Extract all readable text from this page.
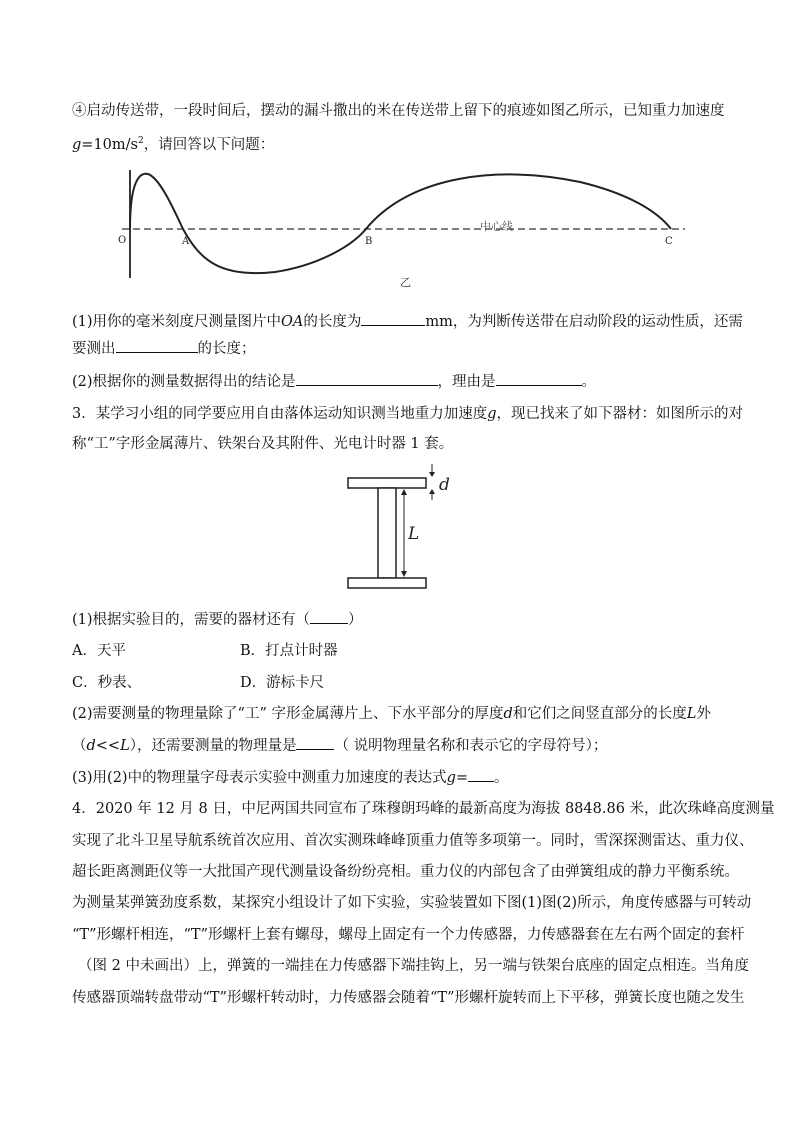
④启动传送带，一段时间后，摆动的漏斗撒出的米在传送带上留下的痕迹如图乙所示，已知重力加速度
$g=10m/s^2$，请回答以下问题：
O	A	B	C
中心线
乙
(1)用你的毫米刻度尺测量图片中OA的长度为	mm，为判断传送带在启动阶段的运动性质，还需
要测出	的长度；
(2)根据你的测量数据得出的结论是	，理由是	。
3．某学习小组的同学要应用自由落体运动知识测当地重力加速度g，现已找来了如下器材：如图所示的对
称“工”字形金属薄片、铁架台及其附件、光电计时器 1 套。
d
L
(1)根据实验目的，需要的器材还有（	）
A．天平	B．打点计时器
C．秒表、	D．游标卡尺
(2)需要测量的物理量除了“工” 字形金属薄片上、下水平部分的厚度d和它们之间竖直部分的长度L外
（d<<L），还需要测量的物理量是	（ 说明物理量名称和表示它的字母符号）；
(3)用(2)中的物理量字母表示实验中测重力加速度的表达式g= 。
4．2020 年 12 月 8 日，中尼两国共同宣布了珠穆朗玛峰的最新高度为海拔 8848.86 米，此次珠峰高度测量
实现了北斗卫星导航系统首次应用、首次实测珠峰峰顶重力值等多项第一。同时，雪深探测雷达、重力仪、
超长距离测距仪等一大批国产现代测量设备纷纷亮相。重力仪的内部包含了由弹簧组成的静力平衡系统。
为测量某弹簧劲度系数，某探究小组设计了如下实验，实验装置如下图(1)图(2)所示，角度传感器与可转动
“T”形螺杆相连，“T”形螺杆上套有螺母，螺母上固定有一个力传感器，力传感器套在左右两个固定的套杆
（图 2 中未画出）上，弹簧的一端挂在力传感器下端挂钩上，另一端与铁架台底座的固定点相连。当角度
传感器顶端转盘带动“T”形螺杆转动时，力传感器会随着“T”形螺杆旋转而上下平移，弹簧长度也随之发生
